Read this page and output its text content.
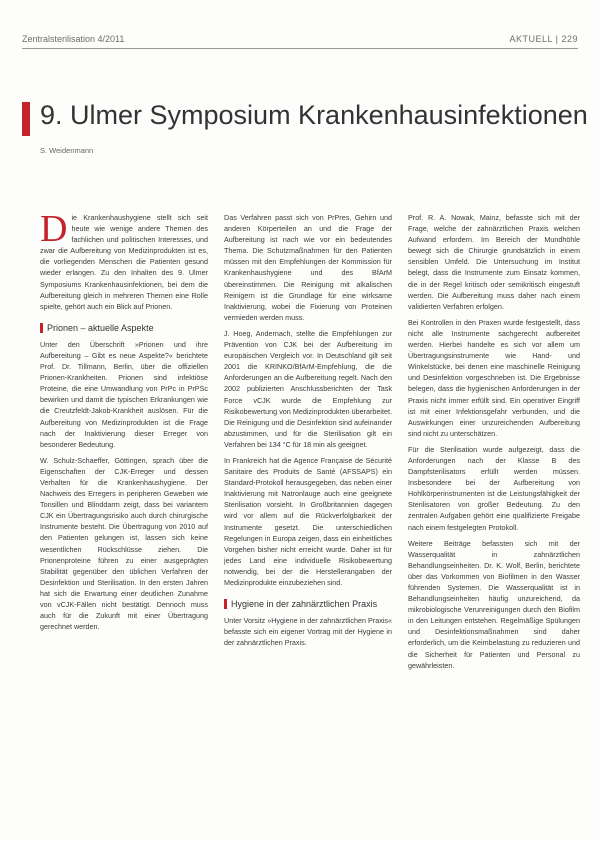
Zentralsterilisation 4/2011	AKTUELL | 229
9. Ulmer Symposium Krankenhausinfektionen
S. Weidenmann

Die Krankenhaushygiene stellt sich seit heute wie wenige andere Themen des fachlichen und politischen Interesses, und zwar die Aufbereitung von Medizinprodukten ist es, die vorliegenden Menschen die Patienten gesund wieder erlangen. Zu den Inhalten des 9. Ulmer Symposiums Krankenhausinfektionen, bei dem die Aufbereitung gleich in mehreren Themen eine Rolle spielte, gehört auch ein Blick auf Prionen.

Prionen – aktuelle Aspekte

Unter den Überschrift »Prionen und ihre Aufbereitung – Gibt es neue Aspekte?« berichtete Prof. Dr. Tillmann, Berlin, über die offiziellen Prionen-Krankheiten. Prionen sind infektiöse Proteine, die eine Umwandlung von PrPc in PrPSc bewirken und damit die typischen Erkrankungen wie die Creutzfeldt-Jakob-Krankheit auslösen. Für die Aufbereitung von Medizinprodukten ist die Frage nach der Inaktivierung dieser Erreger von besonderer Bedeutung.

W. Schulz-Schaeffer, Göttingen, sprach über die Eigenschaften der CJK-Erreger und dessen Verhalten für die Krankenhaushygiene. Der Nachweis des Erregers in peripheren Geweben wie Tonsillen und Blinddarm zeigt, dass bei variantem CJK ein Übertragungsrisiko auch durch chirurgische Instrumente besteht. Die Übertragung von 2010 auf den Patienten gelungen ist, lassen sich keine wesentlichen Rückschlüsse ziehen. Die Prionenproteine führen zu einer ausgeprägten Stabilität gegenüber den üblichen Verfahren der Desinfektion und Sterilisation. In den ersten Jahren hat sich die Erwartung einer deutlichen Zunahme von vCJK-Fällen nicht bestätigt. Dennoch muss auch für die Zukunft mit einer Übertragung gerechnet werden.

Das Verfahren passt sich von PrPres, Gehirn und anderen Körperteilen an und die Frage der Aufbereitung ist nach wie vor ein bedeutendes Thema. Die Schutzmaßnahmen für den Patienten müssen mit den Empfehlungen der Kommission für Krankenhaushygiene und des BfArM übereinstimmen. Die Reinigung mit alkalischen Reinigern ist die Grundlage für eine wirksame Inaktivierung, wobei die Fixierung von Proteinen vermieden werden muss.

J. Hoeg, Andernach, stellte die Empfehlungen zur Prävention von CJK bei der Aufbereitung im europäischen Vergleich vor. In Deutschland gilt seit 2001 die KRINKO/BfArM-Empfehlung, die die Anforderungen an die Aufbereitung regelt. Nach den 2002 publizierten Anschlussberichten der Task Force vCJK wurde die Empfehlung zur Risikobewertung von Medizinprodukten überarbeitet. Die Reinigung und die Desinfektion sind aufeinander abzustimmen, und für die Sterilisation gilt ein Verfahren bei 134 °C für 18 min als geeignet.

In Frankreich hat die Agence Française de Sécurité Sanitaire des Produits de Santé (AFSSAPS) ein Standard-Protokoll herausgegeben, das neben einer Inaktivierung mit Natronlauge auch eine geeignete Sterilisation vorsieht. In Großbritannien dagegen wird vor allem auf die Rückverfolgbarkeit der Instrumente gesetzt. Die unterschiedlichen Regelungen in Europa zeigen, dass ein einheitliches Vorgehen bisher nicht erreicht wurde. Daher ist für jedes Land eine individuelle Risikobewertung notwendig, bei der die Herstellerangaben der Medizinprodukte einzubeziehen sind.

Hygiene in der zahnärztlichen Praxis

Unter Vorsitz »Hygiene in der zahnärztlichen Praxis« befasste sich ein eigener Vortrag mit der Hygiene in der zahnärztlichen Praxis.

Prof. R. A. Nowak, Mainz, befasste sich mit der Frage, welche der zahnärztlichen Praxis welchen Aufwand erfordern. Im Bereich der Mundhöhle bewegt sich die Chirurgie grundsätzlich in einem sensiblen Umfeld. Die Untersuchung im Institut belegt, dass die Instrumente zum Einsatz kommen, die in der Regel kritisch oder semikritisch eingestuft werden. Die Aufbereitung muss daher nach einem validierten Verfahren erfolgen.

Bei Kontrollen in den Praxen wurde festgestellt, dass nicht alle Instrumente sachgerecht aufbereitet werden. Hierbei handelte es sich vor allem um Übertragungsinstrumente wie Hand- und Winkelstücke, bei denen eine maschinelle Reinigung und Desinfektion vorgeschrieben ist. Die Ergebnisse belegen, dass die hygienischen Anforderungen in der Praxis nicht immer erfüllt sind. Ein operativer Eingriff ist mit einer Infektionsgefahr verbunden, und die Auswirkungen einer unzureichenden Aufbereitung sind nicht zu unterschätzen.

Für die Sterilisation wurde aufgezeigt, dass die Anforderungen nach der Klasse B des Dampfsterilisators erfüllt werden müssen. Insbesondere bei der Aufbereitung von Hohlkörperinstrumenten ist die Leistungsfähigkeit der Sterilisatoren von großer Bedeutung. Zu den zentralen Aufgaben gehört eine qualifizierte Freigabe nach einem festgelegten Protokoll.

Weitere Beiträge befassten sich mit der Wasserqualität in zahnärztlichen Behandlungseinheiten. Dr. K. Wolf, Berlin, berichtete über das Vorkommen von Biofilmen in den Wasser führenden Systemen. Die Wasserqualität ist in Behandlungseinheiten häufig unzureichend, da mikrobiologische Verunreinigungen durch den Biofilm in den Leitungen entstehen. Regelmäßige Spülungen und Desinfektionsmaßnahmen sind daher erforderlich, um die Keimbelastung zu reduzieren und die Sicherheit für Patienten und Personal zu gewährleisten.
